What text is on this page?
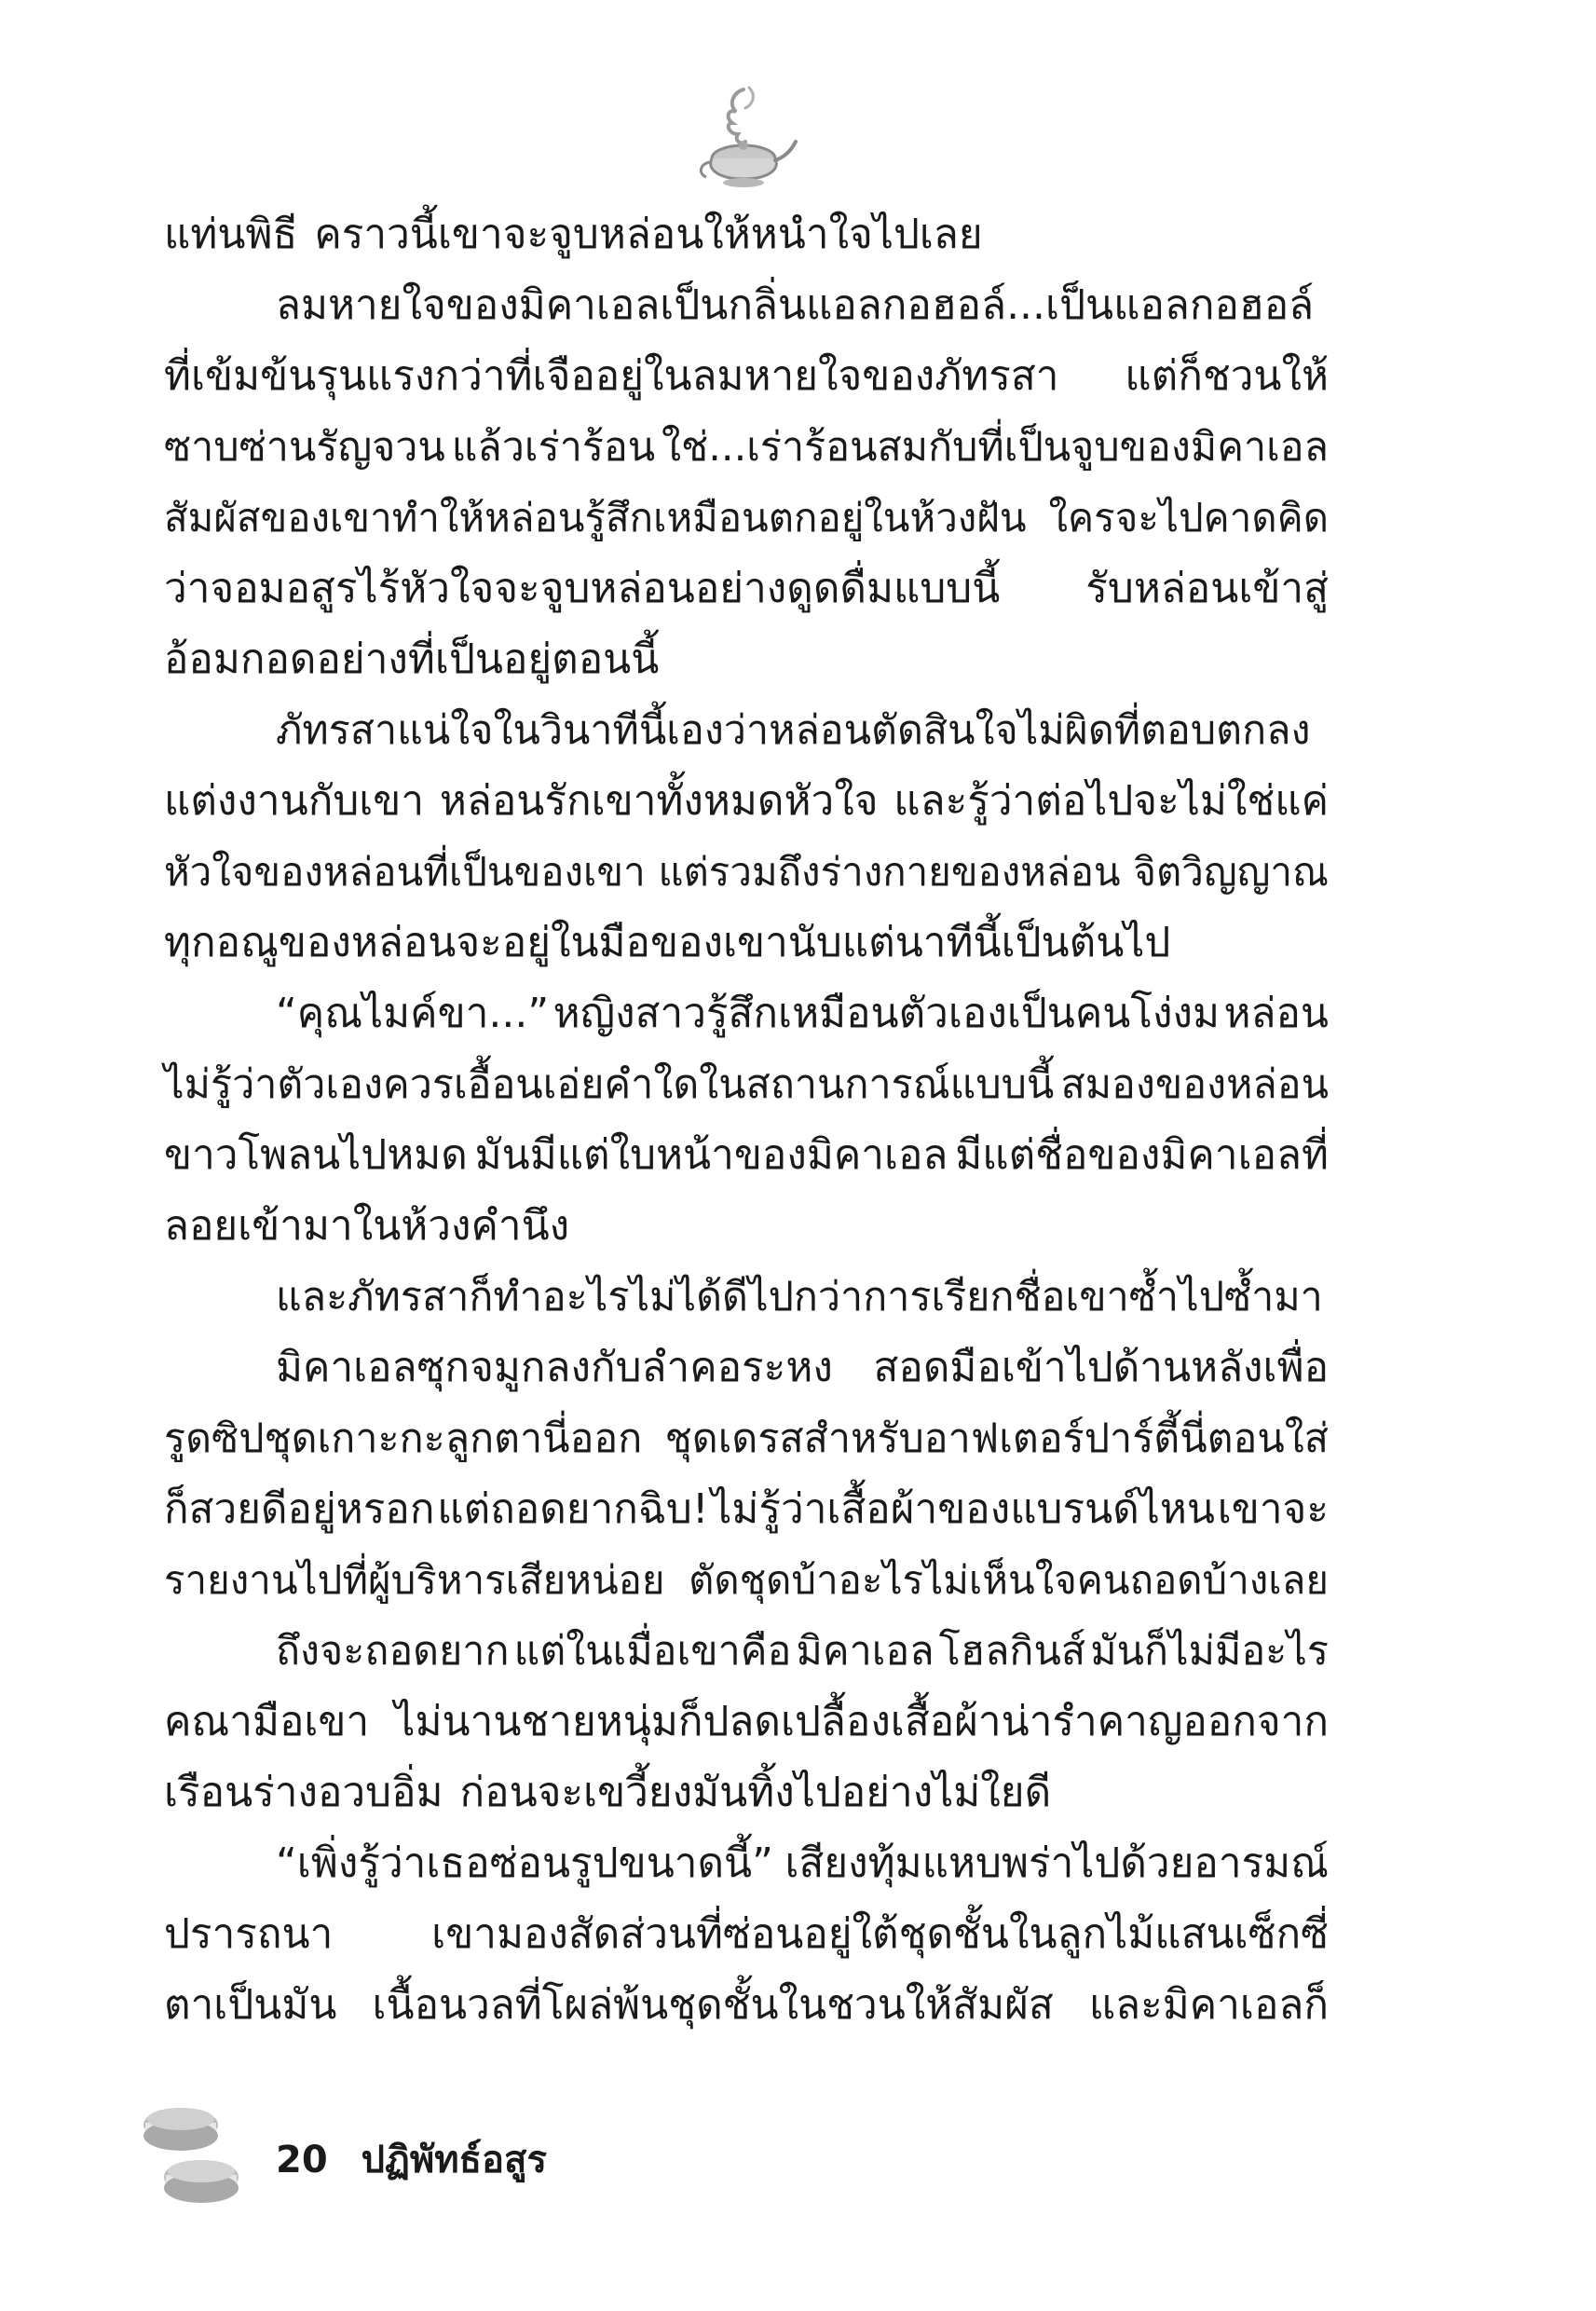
แท่นพิธี คราวนี้เขาจะจูบหล่อนให้หนำใจไปเลย
ลมหายใจของมิคาเอลเป็นกลิ่นแอลกอฮอล์...เป็นแอลกอฮอล์
ที่เข้มข้นรุนแรงกว่าที่เจืออยู่ในลมหายใจของภัทรสา แต่ก็ชวนให้
ซาบซ่านรัญจวน แล้วเร่าร้อน ใช่...เร่าร้อนสมกับที่เป็นจูบของมิคาเอล
สัมผัสของเขาทำให้หล่อนรู้สึกเหมือนตกอยู่ในห้วงฝัน ใครจะไปคาดคิด
ว่าจอมอสูรไร้หัวใจจะจูบหล่อนอย่างดูดดื่มแบบนี้ รับหล่อนเข้าสู่
อ้อมกอดอย่างที่เป็นอยู่ตอนนี้
ภัทรสาแน่ใจในวินาทีนี้เองว่าหล่อนตัดสินใจไม่ผิดที่ตอบตกลง
แต่งงานกับเขา หล่อนรักเขาทั้งหมดหัวใจ และรู้ว่าต่อไปจะไม่ใช่แค่
หัวใจของหล่อนที่เป็นของเขา แต่รวมถึงร่างกายของหล่อน จิตวิญญาณ
ทุกอณูของหล่อนจะอยู่ในมือของเขานับแต่นาทีนี้เป็นต้นไป
“คุณไมค์ขา...” หญิงสาวรู้สึกเหมือนตัวเองเป็นคนโง่งม หล่อน
ไม่รู้ว่าตัวเองควรเอื้อนเอ่ยคำใดในสถานการณ์แบบนี้ สมองของหล่อน
ขาวโพลนไปหมด มันมีแต่ใบหน้าของมิคาเอล มีแต่ชื่อของมิคาเอลที่
ลอยเข้ามาในห้วงคำนึง
และภัทรสาก็ทำอะไรไม่ได้ดีไปกว่าการเรียกชื่อเขาซ้ำไปซ้ำมา
มิคาเอลซุกจมูกลงกับลำคอระหง สอดมือเข้าไปด้านหลังเพื่อ
รูดซิปชุดเกาะกะลูกตานี่ออก ชุดเดรสสำหรับอาฟเตอร์ปาร์ตี้นี่ตอนใส่
ก็สวยดีอยู่หรอก แต่ถอดยากฉิบ! ไม่รู้ว่าเสื้อผ้าของแบรนด์ไหน เขาจะ
รายงานไปที่ผู้บริหารเสียหน่อย ตัดชุดบ้าอะไรไม่เห็นใจคนถอดบ้างเลย
ถึงจะถอดยาก แต่ในเมื่อเขาคือ มิคาเอล โฮลกินส์ มันก็ไม่มีอะไร
คณามือเขา ไม่นานชายหนุ่มก็ปลดเปลื้องเสื้อผ้าน่ารำคาญออกจาก
เรือนร่างอวบอิ่ม ก่อนจะเขวี้ยงมันทิ้งไปอย่างไม่ใยดี
“เพิ่งรู้ว่าเธอซ่อนรูปขนาดนี้” เสียงทุ้มแหบพร่าไปด้วยอารมณ์
ปรารถนา เขามองสัดส่วนที่ซ่อนอยู่ใต้ชุดชั้นในลูกไม้แสนเซ็กซี่
ตาเป็นมัน เนื้อนวลที่โผล่พ้นชุดชั้นในชวนให้สัมผัส และมิคาเอลก็
20 ปฏิพัทธ์อสูร
